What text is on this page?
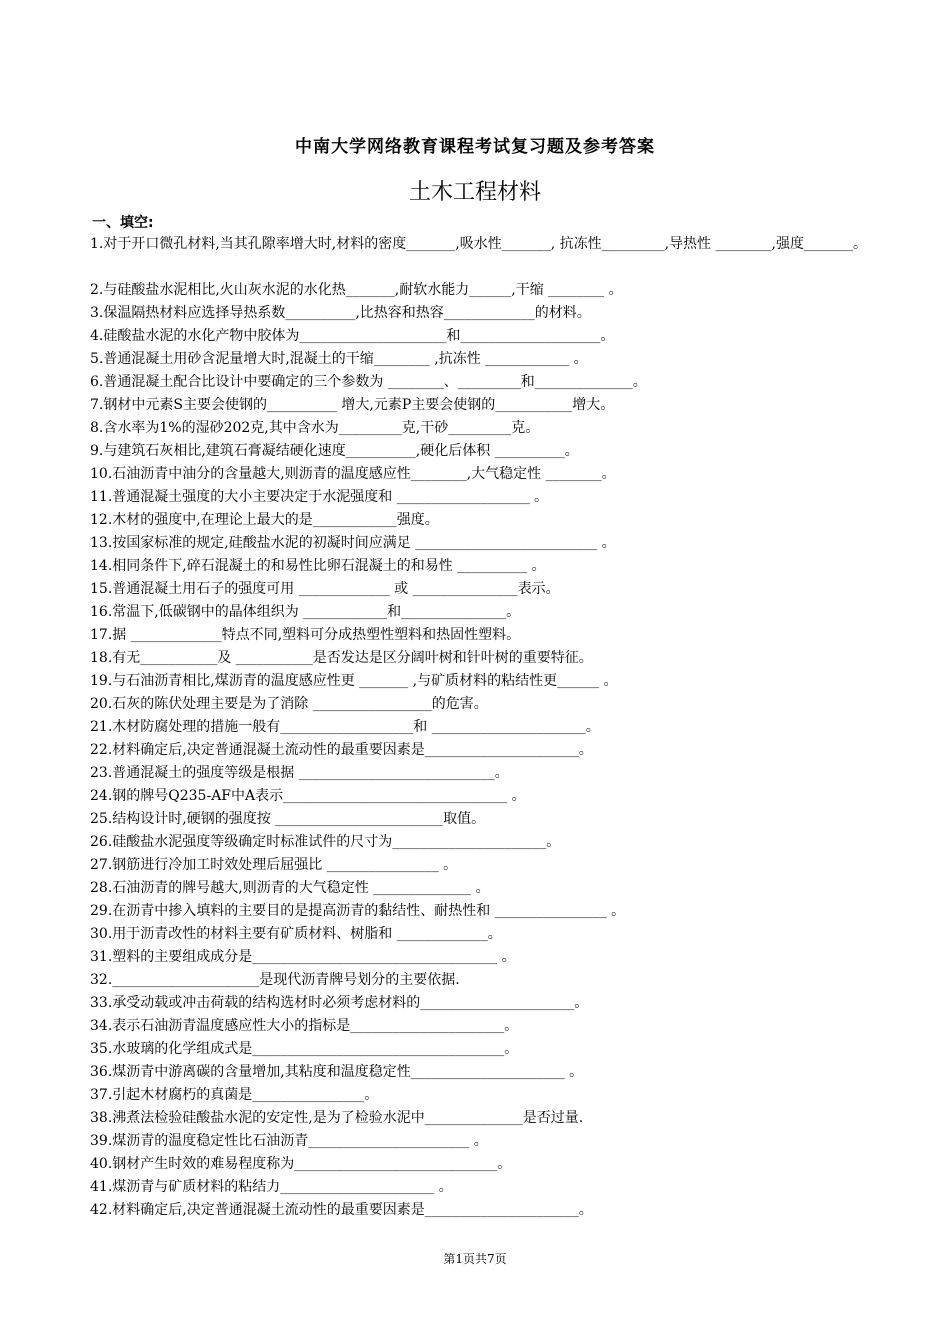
中南大学网络教育课程考试复习题及参考答案
土木工程材料
一、填空:
1.对于开口微孔材料,当其孔隙率增大时,材料的密度_______,吸水性_______, 抗冻性_________,导热性 ________,强度_______。
2.与硅酸盐水泥相比,火山灰水泥的水化热_______,耐软水能力______,干缩 ________ 。
3.保温隔热材料应选择导热系数__________,比热容和热容_____________的材料。
4.硅酸盐水泥的水化产物中胶体为_____________________和____________________。
5.普通混凝土用砂含泥量增大时,混凝土的干缩________ ,抗冻性 ____________ 。
6.普通混凝土配合比设计中要确定的三个参数为 ________、_________和______________。
7.钢材中元素S主要会使钢的__________ 增大,元素P主要会使钢的___________增大。
8.含水率为1%的湿砂202克,其中含水为_________克,干砂_________克。
9.与建筑石灰相比,建筑石膏凝结硬化速度__________,硬化后体积 __________。
10.石油沥青中油分的含量越大,则沥青的温度感应性________,大气稳定性 ________。
11.普通混凝土强度的大小主要决定于水泥强度和 ___________________ 。
12.木材的强度中,在理论上最大的是____________强度。
13.按国家标准的规定,硅酸盐水泥的初凝时间应满足 __________________________ 。
14.相同条件下,碎石混凝土的和易性比卵石混凝土的和易性 __________ 。
15.普通混凝土用石子的强度可用 _____________ 或 _______________表示。
16.常温下,低碳钢中的晶体组织为 ____________和_______________。
17.据 _____________特点不同,塑料可分成热塑性塑料和热固性塑料。
18.有无___________及 ___________是否发达是区分阔叶树和针叶树的重要特征。
19.与石油沥青相比,煤沥青的温度感应性更 _______ ,与矿质材料的粘结性更______ 。
20.石灰的陈伏处理主要是为了消除 _________________的危害。
21.木材防腐处理的措施一般有___________________和 ______________________。
22.材料确定后,决定普通混凝土流动性的最重要因素是______________________。
23.普通混凝土的强度等级是根据 ____________________________。
24.钢的牌号Q235-AF中A表示________________________________ 。
25.结构设计时,硬钢的强度按 ________________________取值。
26.硅酸盐水泥强度等级确定时标准试件的尺寸为______________________。
27.钢筋进行冷加工时效处理后屈强比 ________________ 。
28.石油沥青的牌号越大,则沥青的大气稳定性 ______________ 。
29.在沥青中掺入填料的主要目的是提高沥青的黏结性、耐热性和 ________________ 。
30.用于沥青改性的材料主要有矿质材料、树脂和 _____________。
31.塑料的主要组成成分是___________________________________ 。
32._____________________是现代沥青牌号划分的主要依据.
33.承受动载或冲击荷载的结构选材时必须考虑材料的______________________。
34.表示石油沥青温度感应性大小的指标是______________________。
35.水玻璃的化学组成式是____________________________________。
36.煤沥青中游离碳的含量增加,其粘度和温度稳定性______________________ 。
37.引起木材腐朽的真菌是________________。
38.沸煮法检验硅酸盐水泥的安定性,是为了检验水泥中______________是否过量.
39.煤沥青的温度稳定性比石油沥青_______________________ 。
40.钢材产生时效的难易程度称为_____________________________。
41.煤沥青与矿质材料的粘结力______________________ 。
42.材料确定后,决定普通混凝土流动性的最重要因素是______________________。
第1页共7页
